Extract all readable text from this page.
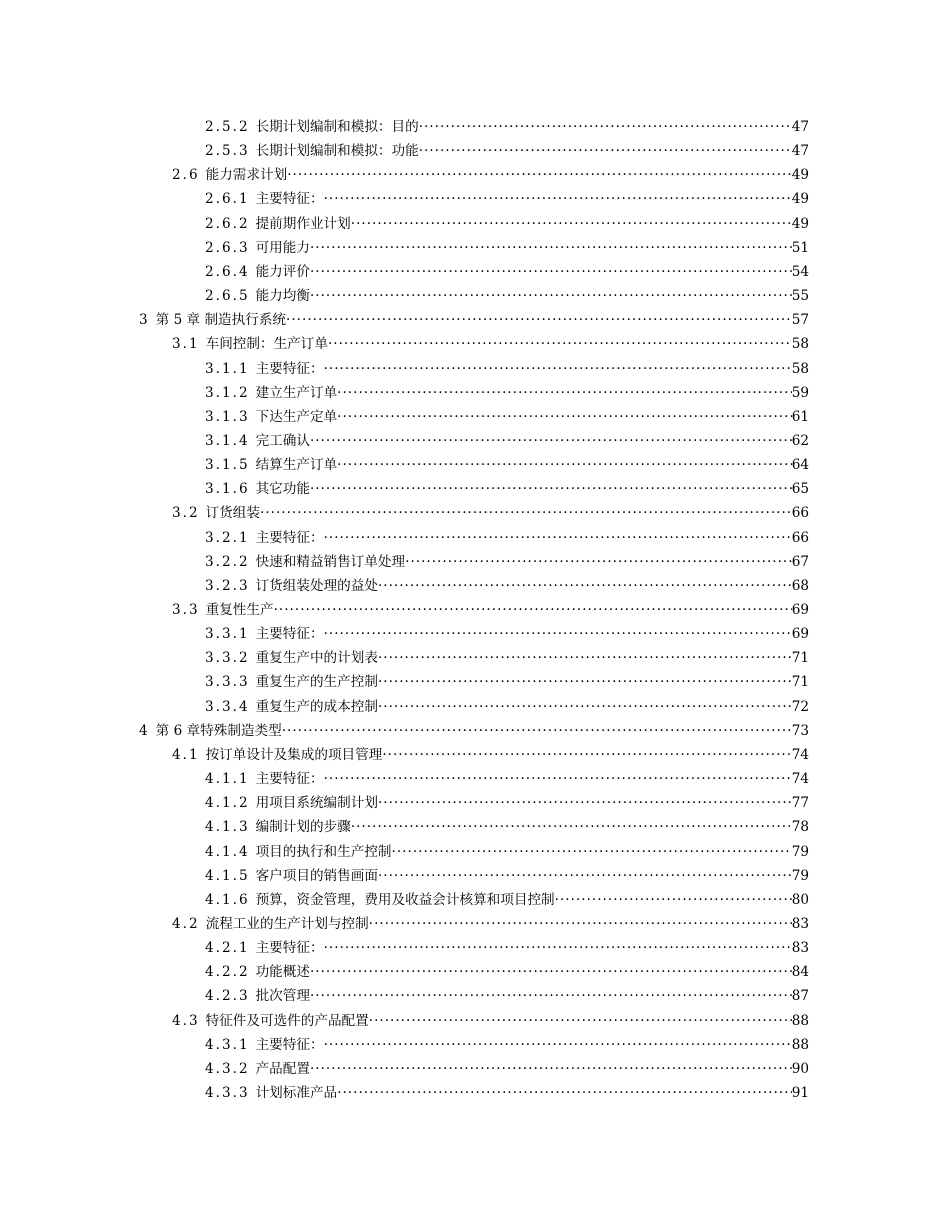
2.5.2 长期计划编制和模拟：目的 ·····	47
2.5.3 长期计划编制和模拟：功能 ·····	47
2.6 能力需求计划 ·····	49
2.6.1 主要特征： ·····	49
2.6.2 提前期作业计划 ·····	49
2.6.3 可用能力 ·····	51
2.6.4 能力评价 ·····	54
2.6.5 能力均衡 ·····	55
3 第 5 章 制造执行系统 ·····	57
3.1 车间控制：生产订单 ·····	58
3.1.1 主要特征： ·····	58
3.1.2 建立生产订单 ·····	59
3.1.3 下达生产定单 ·····	61
3.1.4 完工确认 ·····	62
3.1.5 结算生产订单 ·····	64
3.1.6 其它功能 ·····	65
3.2 订货组装 ·····	66
3.2.1 主要特征： ·····	66
3.2.2 快速和精益销售订单处理 ·····	67
3.2.3 订货组装处理的益处 ·····	68
3.3 重复性生产 ·····	69
3.3.1 主要特征： ·····	69
3.3.2 重复生产中的计划表 ·····	71
3.3.3 重复生产的生产控制 ·····	71
3.3.4 重复生产的成本控制 ·····	72
4 第 6 章特殊制造类型 ·····	73
4.1 按订单设计及集成的项目管理 ·····	74
4.1.1 主要特征： ·····	74
4.1.2 用项目系统编制计划 ·····	77
4.1.3 编制计划的步骤 ·····	78
4.1.4 项目的执行和生产控制 ·····	79
4.1.5 客户项目的销售画面 ·····	79
4.1.6 预算，资金管理，费用及收益会计核算和项目控制 ·····	80
4.2 流程工业的生产计划与控制 ·····	83
4.2.1 主要特征： ·····	83
4.2.2 功能概述 ·····	84
4.2.3 批次管理 ·····	87
4.3 特征件及可选件的产品配置 ·····	88
4.3.1 主要特征： ·····	88
4.3.2 产品配置 ·····	90
4.3.3 计划标准产品 ·····	91
